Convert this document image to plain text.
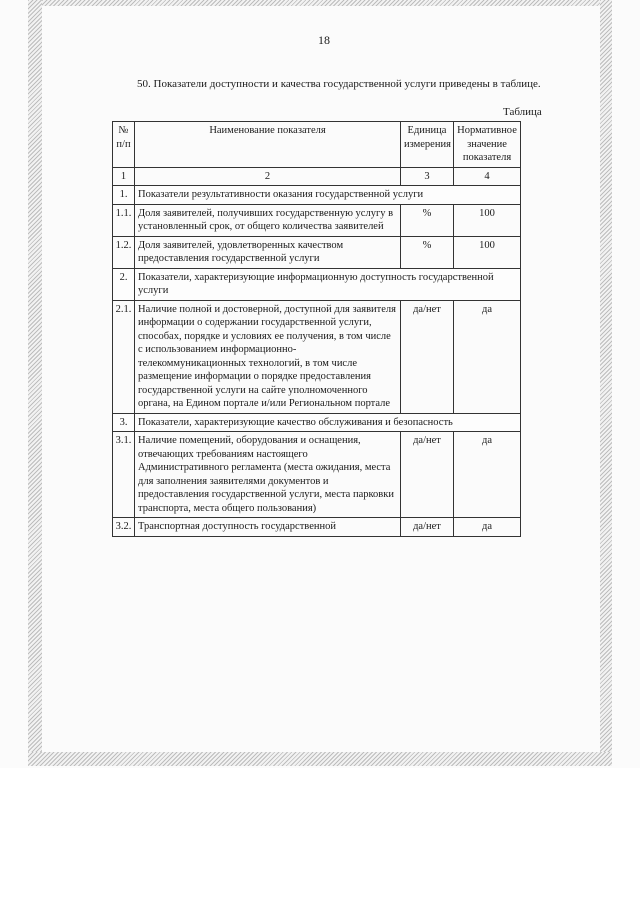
18
50. Показатели доступности и качества государственной услуги приведены в таблице.
Таблица
№ п/п	Наименование показателя	Единица измерения	Нормативное значение показателя
1	2	3	4
1.	Показатели результативности оказания государственной услуги		
1.1.	Доля заявителей, получивших государственную услугу в установленный срок, от общего количества заявителей	%	100
1.2.	Доля заявителей, удовлетворенных качеством предоставления государственной услуги	%	100
2.	Показатели, характеризующие информационную доступность государственной услуги		
2.1.	Наличие полной и достоверной, доступной для заявителя информации о содержании государственной услуги, способах, порядке и условиях ее получения, в том числе с использованием информационно-телекоммуникационных технологий, в том числе размещение информации о порядке предоставления государственной услуги на сайте уполномоченного органа, на Едином портале и/или Региональном портале	да/нет	да
3.	Показатели, характеризующие качество обслуживания и безопасность		
3.1.	Наличие помещений, оборудования и оснащения, отвечающих требованиям настоящего Административного регламента (места ожидания, места для заполнения заявителями документов и предоставления государственной услуги, места парковки транспорта, места общего пользования)	да/нет	да
3.2.	Транспортная доступность государственной	да/нет	да
